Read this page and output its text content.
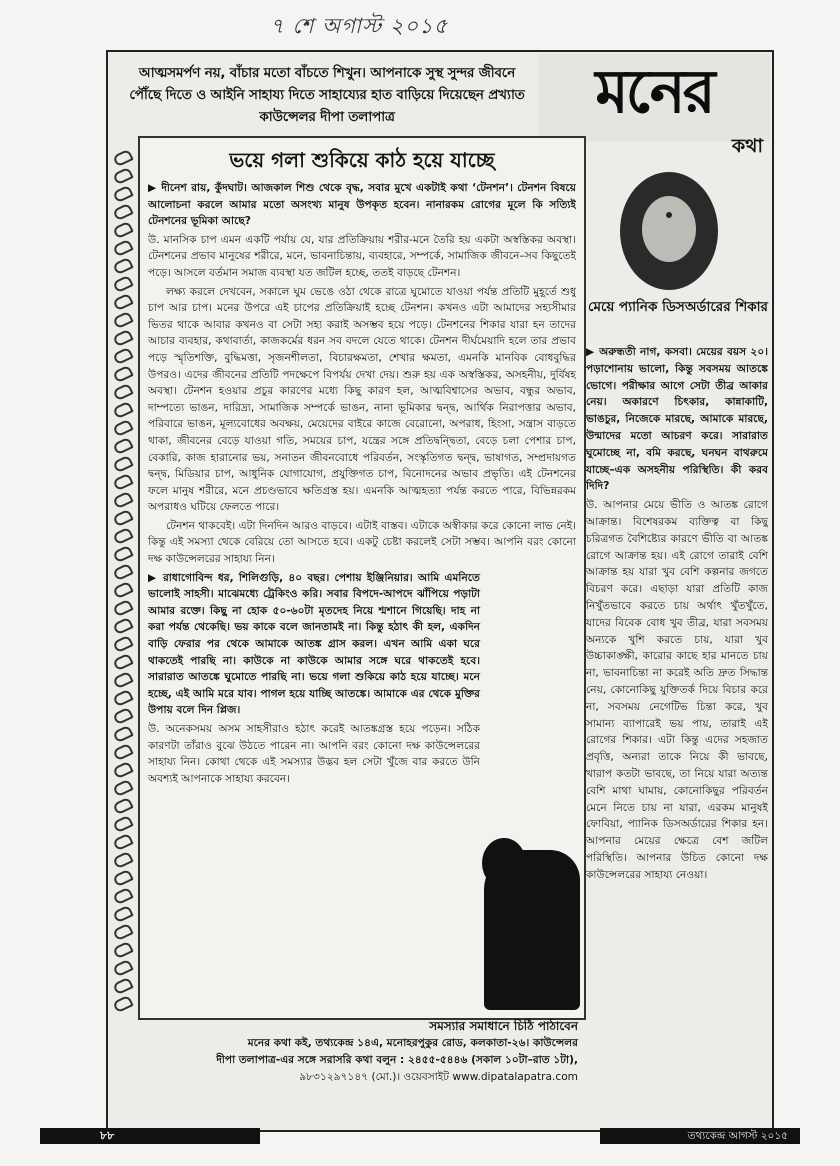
৭ শে অগাস্ট ২০১৫
আত্মসমর্পণ নয়, বাঁচার মতো বাঁচতে শিখুন। আপনাকে সুস্থ সুন্দর জীবনে পৌঁছে দিতে ও আইনি সাহায্য দিতে সাহায্যের হাত বাড়িয়ে দিয়েছেন প্রখ্যাত কাউন্সেলর দীপা তলাপাত্র	মনের
কথা
ভয়ে গলা শুকিয়ে কাঠ হয়ে যাচ্ছে

▶ দীনেশ রায়, কুঁদঘাট। আজকাল শিশু থেকে বৃদ্ধ, সবার মুখে একটাই কথা ‘টেনশন’। টেনশন বিষয়ে আলোচনা করলে আমার মতো অসংখ্য মানুষ উপকৃত হবেন। নানারকম রোগের মূলে কি সত্যিই টেনশনের ভূমিকা আছে?

উ. মানসিক চাপ এমন একটি পর্যায় যে, যার প্রতিক্রিয়ায় শরীর-মনে তৈরি হয় একটা অস্বস্তিকর অবস্থা। টেনশনের প্রভাব মানুষের শরীরে, মনে, ভাবনাচিন্তায়, ব্যবহারে, সম্পর্কে, সামাজিক জীবনে–সব কিছুতেই পড়ে। আসলে বর্তমান সমাজ ব্যবস্থা যত জটিল হচ্ছে, ততই বাড়ছে টেনশন।

লক্ষ্য করলে দেখবেন, সকালে ঘুম ভেঙে ওঠা থেকে রাত্রে ঘুমোতে যাওয়া পর্যন্ত প্রতিটি মুহূর্তে শুধু চাপ আর চাপ। মনের উপরে এই চাপের প্রতিক্রিয়াই হচ্ছে টেনশন। কখনও এটা আমাদের সহ্যসীমার ভিতর থাকে আবার কখনও বা সেটা সহ্য করাই অসম্ভব হয়ে পড়ে। টেনশনের শিকার যারা হন তাদের আচার ব্যবহার, কথাবার্তা, কাজকর্মের ধরন সব বদলে যেতে থাকে। টেনশন দীর্ঘমেয়াদি হলে তার প্রভাব পড়ে স্মৃতিশক্তি, বুদ্ধিমত্তা, সৃজনশীলতা, বিচারক্ষমতা, শেখার ক্ষমতা, এমনকি মানবিক বোধবুদ্ধির উপরও। এদের জীবনের প্রতিটি পদক্ষেপে বিপর্যয় দেখা দেয়। শুরু হয় এক অস্বস্তিকর, অসহনীয়, দুর্বিষহ অবস্থা। টেনশন হওয়ার প্রচুর কারণের মধ্যে কিছু কারণ হল, আত্মবিশ্বাসের অভাব, বন্ধুর অভাব, দাম্পত্যে ভাঙন, দারিদ্র্য, সামাজিক সম্পর্কে ভাঙন, নানা ভূমিকার দ্বন্দ্ব, আর্থিক নিরাপত্তার অভাব, পরিবারে ভাঙন, মূল্যবোধের অবক্ষয়, মেয়েদের বাইরে কাজে বেরোনো, অপরাধ, হিংসা, সন্ত্রাস বাড়তে থাকা, জীবনের বেড়ে যাওয়া গতি, সময়ের চাপ, যন্ত্রের সঙ্গে প্রতিদ্বন্দ্বিতা, বেড়ে চলা পেশার চাপ, বেকারি, কাজ হারানোর ভয়, সনাতন জীবনবোধে পরিবর্তন, সংস্কৃতিগত দ্বন্দ্ব, ভাষাগত, সম্প্রদায়গত দ্বন্দ্ব, মিডিয়ার চাপ, আধুনিক যোগাযোগ, প্রযুক্তিগত চাপ, বিনোদনের অভাব প্রভৃতি। এই টেনশনের ফলে মানুষ শরীরে, মনে প্রচণ্ডভাবে ক্ষতিগ্রস্ত হয়। এমনকি আত্মহত্যা পর্যন্ত করতে পারে, বিভিন্নরকম অপরাধও ঘটিয়ে ফেলতে পারে।

টেনশন থাকবেই। এটা দিনদিন আরও বাড়বে। এটাই বাস্তব। এটাকে অস্বীকার করে কোনো লাভ নেই। কিন্তু এই সমস্যা থেকে বেরিয়ে তো আসতে হবে। একটু চেষ্টা করলেই সেটা সম্ভব। আপনি বরং কোনো দক্ষ কাউন্সেলরের সাহায্য নিন।

▶ রাধাগোবিন্দ ধর, শিলিগুড়ি, ৪০ বছর। পেশায় ইঞ্জিনিয়ার। আমি এমনিতে ভালোই সাহসী। মাঝেমধ্যে ট্রেকিংও করি। সবার বিপদে-আপদে ঝাঁপিয়ে পড়াটা আমার রক্তে। কিছু না হোক ৫০-৬০টা মৃতদেহ নিয়ে শ্মশানে গিয়েছি। দাহ না করা পর্যন্ত থেকেছি। ভয় কাকে বলে জানতামই না। কিন্তু হঠাৎ কী হল, একদিন বাড়ি ফেরার পর থেকে আমাকে আতঙ্ক গ্রাস করল। এখন আমি একা ঘরে থাকতেই পারছি না। কাউকে না কাউকে আমার সঙ্গে ঘরে থাকতেই হবে। সারারাত আতঙ্কে ঘুমোতে পারছি না। ভয়ে গলা শুকিয়ে কাঠ হয়ে যাচ্ছে। মনে হচ্ছে, এই আমি মরে যাব। পাগল হয়ে যাচ্ছি আতঙ্কে। আমাকে এর থেকে মুক্তির উপায় বলে দিন প্লিজ।

উ. অনেকসময় অসম সাহসীরাও হঠাৎ করেই আতঙ্কগ্রস্ত হয়ে পড়েন। সঠিক কারণটা তাঁরাও বুঝে উঠতে পারেন না। আপনি বরং কোনো দক্ষ কাউন্সেলরের সাহায্য নিন। কোথা থেকে এই সমস্যার উদ্ভব হল সেটা খুঁজে বার করতে উনি অবশ্যই আপনাকে সাহায্য করবেন।

মেয়ে প্যানিক ডিসঅর্ডারের শিকার

▶ অরুন্ধতী নাগ, কসবা। মেয়ের বয়স ২০। পড়াশোনায় ভালো, কিন্তু সবসময় আতঙ্কে ভোগে। পরীক্ষার আগে সেটা তীব্র আকার নেয়। অকারণে চিৎকার, কান্নাকাটি, ভাঙচুর, নিজেকে মারছে, আমাকে মারছে, উন্মাদের মতো আচরণ করে। সারারাত ঘুমোচ্ছে না, বমি করছে, ঘনঘন বাথরুমে যাচ্ছে–এক অসহনীয় পরিস্থিতি। কী করব দিদি?

উ. আপনার মেয়ে ভীতি ও আতঙ্ক রোগে আক্রান্ত। বিশেষরকম ব্যক্তিত্ব বা কিছু চরিত্রগত বৈশিষ্ট্যের কারণে ভীতি বা আতঙ্ক রোগে আক্রান্ত হয়। এই রোগে তারাই বেশি আক্রান্ত হয় যারা খুব বেশি কল্পনার জগতে বিচরণ করে। এছাড়া যারা প্রতিটি কাজ নিখুঁতভাবে করতে চায় অর্থাৎ খুঁতখুঁতে, যাদের বিবেক বোধ খুব তীব্র, যারা সবসময় অন্যকে খুশি করতে চায়, যারা খুব উচ্চাকাঙ্ক্ষী, কারোর কাছে হার মানতে চায় না, ভাবনাচিন্তা না করেই অতি দ্রুত সিদ্ধান্ত নেয়, কোনোকিছু যুক্তিতর্ক দিয়ে বিচার করে না, সবসময় নেগেটিভ চিন্তা করে, খুব সামান্য ব্যাপারেই ভয় পায়, তারাই এই রোগের শিকার। এটা কিন্তু এদের সহজাত প্রবৃত্তি, অন্যরা তাকে নিয়ে কী ভাবছে, খারাপ কতটা ভাবছে, তা নিয়ে যারা অত্যন্ত বেশি মাথা ঘামায়, কোনোকিছুর পরিবর্তন মেনে নিতে চায় না যারা, এরকম মানুষই ফোবিয়া, প্যানিক ডিসঅর্ডারের শিকার হন। আপনার মেয়ের ক্ষেত্রে বেশ জটিল পরিস্থিতি। আপনার উচিত কোনো দক্ষ কাউন্সেলরের সাহায্য নেওয়া।

সমস্যার সমাধানে চিঠি পাঠাবেন
মনের কথা কই, তথ্যকেন্দ্র ১৪এ, মনোহরপুকুর রোড, কলকাতা-২৬। কাউন্সেলর
দীপা তলাপাত্র-এর সঙ্গে সরাসরি কথা বলুন : ২৪৫৫-৫৪৪৬ (সকাল ১০টা–রাত ১টা),
৯৮৩১২৯৭১৪৭ (মো.)। ওয়েবসাইট www.dipatalapatra.com
৮৮	তথ্যকেন্দ্র আগস্ট ২০১৫
